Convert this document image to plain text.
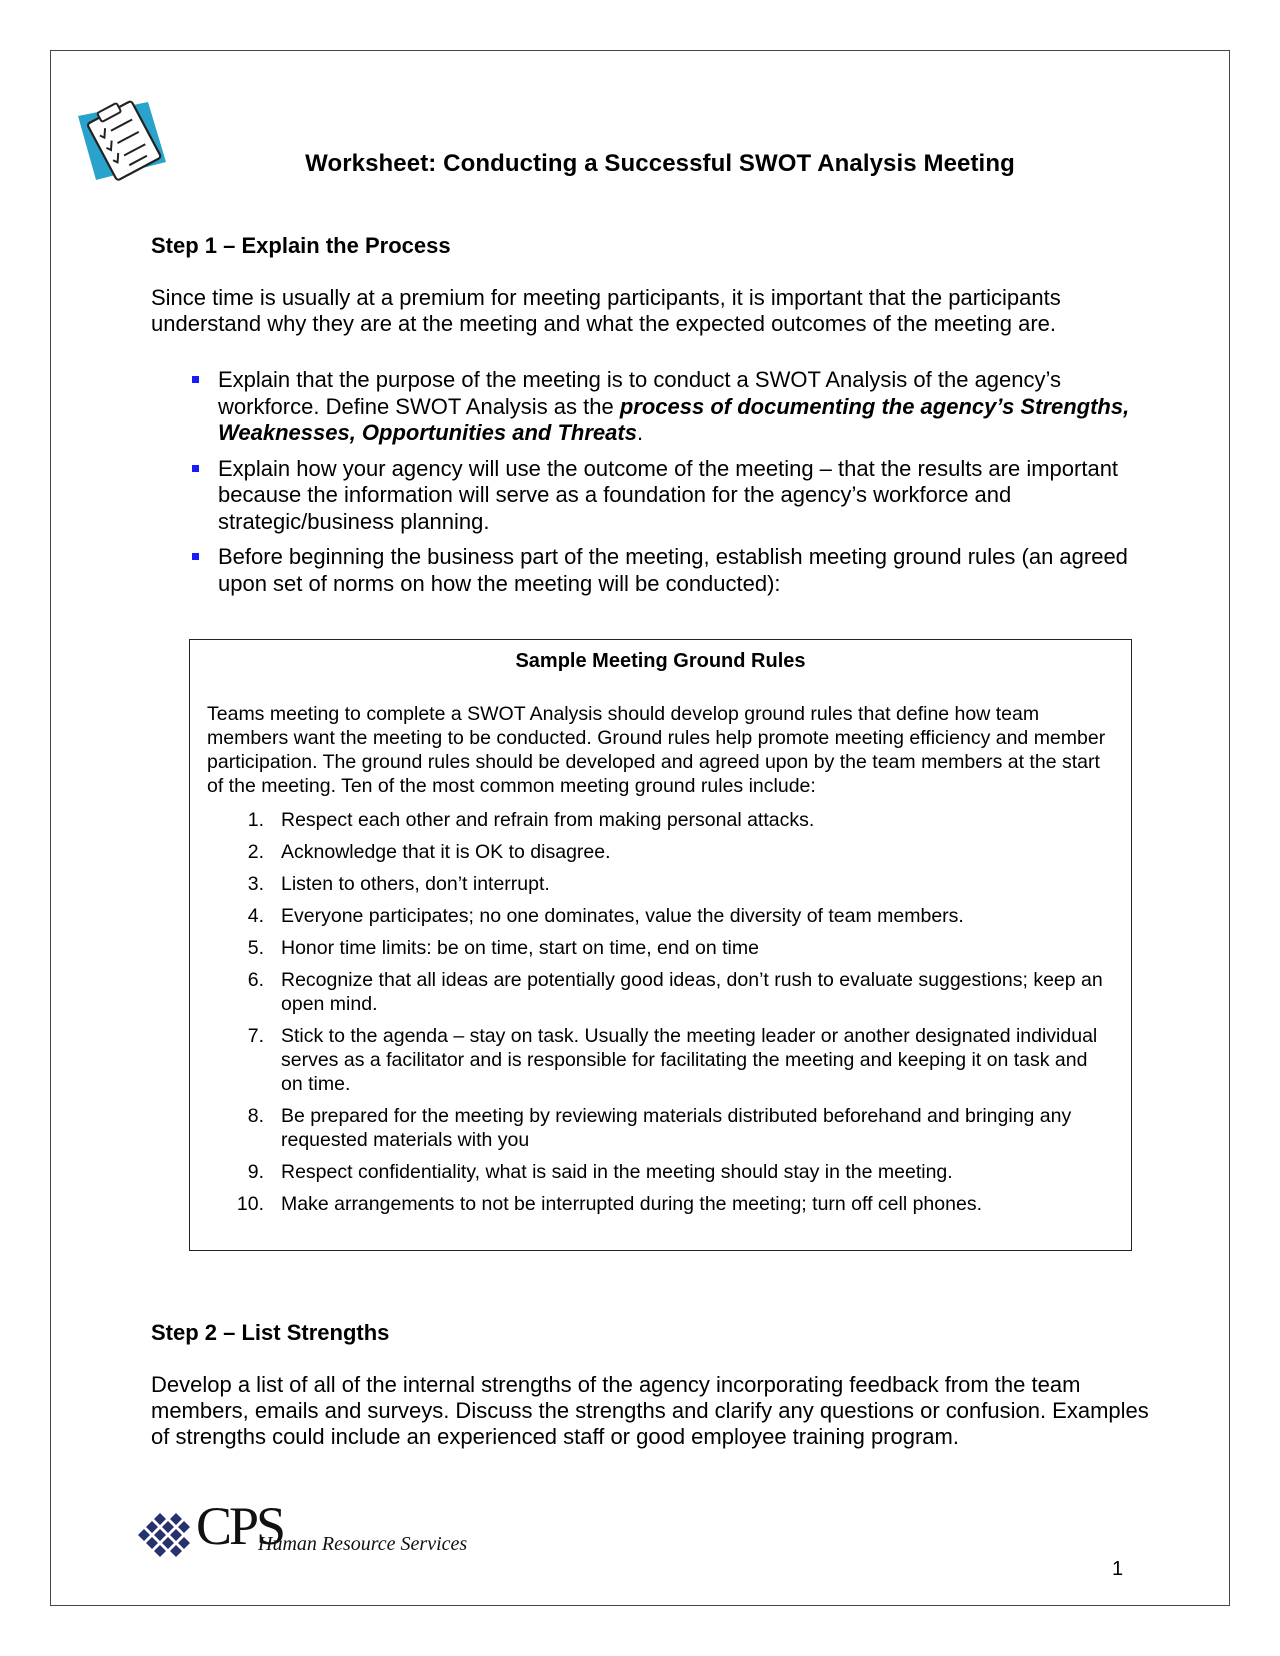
Worksheet: Conducting a Successful SWOT Analysis Meeting
Step 1 – Explain the Process
Since time is usually at a premium for meeting participants, it is important that the participants understand why they are at the meeting and what the expected outcomes of the meeting are.
Explain that the purpose of the meeting is to conduct a SWOT Analysis of the agency’s workforce. Define SWOT Analysis as the process of documenting the agency’s Strengths, Weaknesses, Opportunities and Threats.
Explain how your agency will use the outcome of the meeting – that the results are important because the information will serve as a foundation for the agency’s workforce and strategic/business planning.
Before beginning the business part of the meeting, establish meeting ground rules (an agreed upon set of norms on how the meeting will be conducted):
Sample Meeting Ground Rules
Teams meeting to complete a SWOT Analysis should develop ground rules that define how team members want the meeting to be conducted. Ground rules help promote meeting efficiency and member participation. The ground rules should be developed and agreed upon by the team members at the start of the meeting. Ten of the most common meeting ground rules include:
1. Respect each other and refrain from making personal attacks.
2. Acknowledge that it is OK to disagree.
3. Listen to others, don’t interrupt.
4. Everyone participates; no one dominates, value the diversity of team members.
5. Honor time limits: be on time, start on time, end on time
6. Recognize that all ideas are potentially good ideas, don’t rush to evaluate suggestions; keep an open mind.
7. Stick to the agenda – stay on task. Usually the meeting leader or another designated individual serves as a facilitator and is responsible for facilitating the meeting and keeping it on task and on time.
8. Be prepared for the meeting by reviewing materials distributed beforehand and bringing any requested materials with you
9. Respect confidentiality, what is said in the meeting should stay in the meeting.
10. Make arrangements to not be interrupted during the meeting; turn off cell phones.
Step 2 – List Strengths
Develop a list of all of the internal strengths of the agency incorporating feedback from the team members, emails and surveys. Discuss the strengths and clarify any questions or confusion. Examples of strengths could include an experienced staff or good employee training program.
CPS
Human Resource Services
1
